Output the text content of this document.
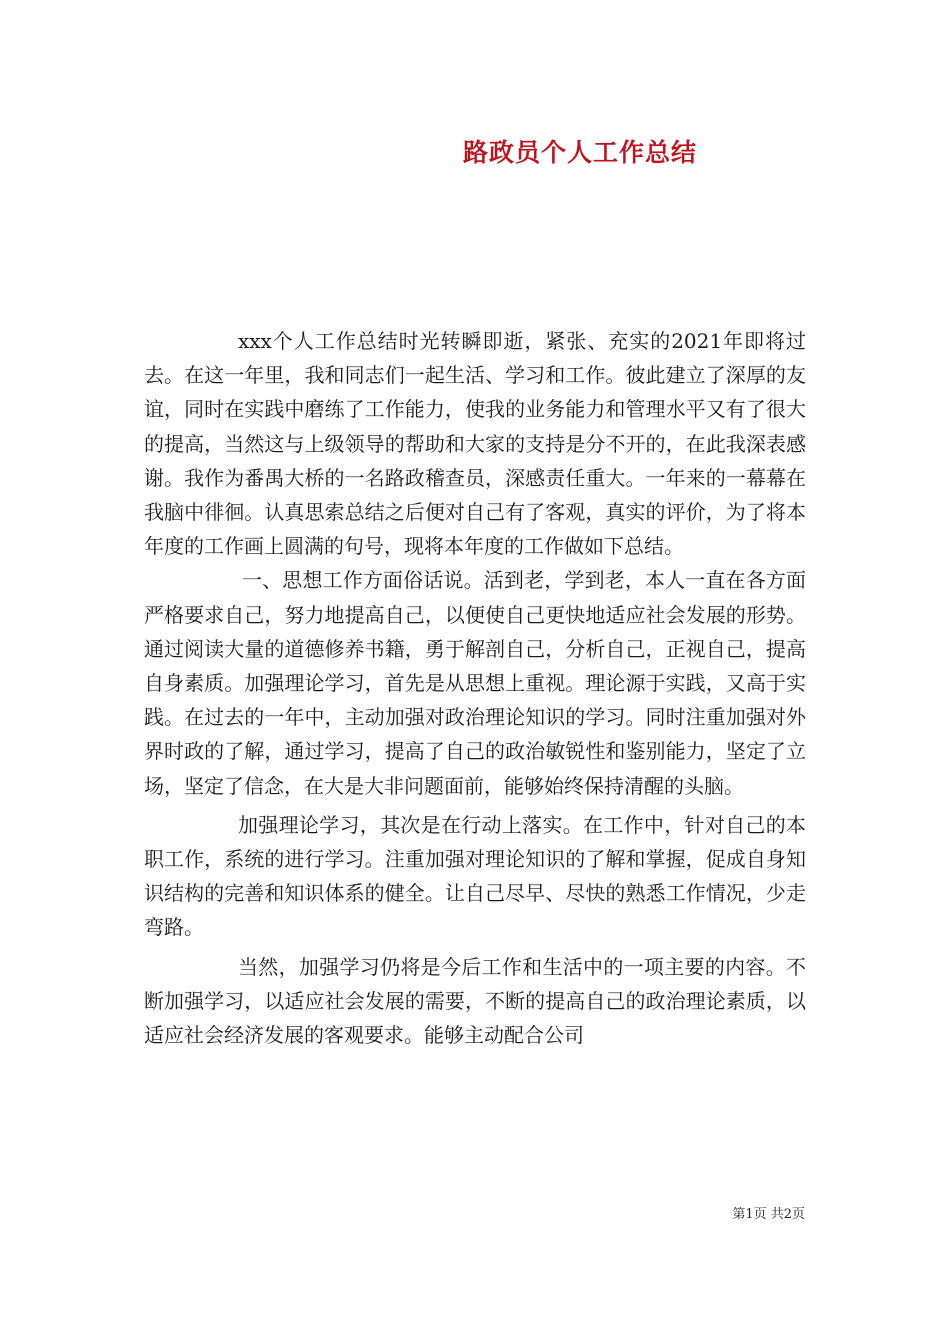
路政员个人工作总结

xxx个人工作总结时光转瞬即逝，紧张、充实的2021年即将过去。在这一年里，我和同志们一起生活、学习和工作。彼此建立了深厚的友谊，同时在实践中磨练了工作能力，使我的业务能力和管理水平又有了很大的提高，当然这与上级领导的帮助和大家的支持是分不开的，在此我深表感谢。我作为番禺大桥的一名路政稽查员，深感责任重大。一年来的一幕幕在我脑中徘徊。认真思索总结之后便对自己有了客观，真实的评价，为了将本年度的工作画上圆满的句号，现将本年度的工作做如下总结。

一、思想工作方面俗话说。活到老，学到老，本人一直在各方面严格要求自己，努力地提高自己，以便使自己更快地适应社会发展的形势。通过阅读大量的道德修养书籍，勇于解剖自己，分析自己，正视自己，提高自身素质。加强理论学习，首先是从思想上重视。理论源于实践，又高于实践。在过去的一年中，主动加强对政治理论知识的学习。同时注重加强对外界时政的了解，通过学习，提高了自己的政治敏锐性和鉴别能力，坚定了立场，坚定了信念，在大是大非问题面前，能够始终保持清醒的头脑。

加强理论学习，其次是在行动上落实。在工作中，针对自己的本职工作，系统的进行学习。注重加强对理论知识的了解和掌握，促成自身知识结构的完善和知识体系的健全。让自己尽早、尽快的熟悉工作情况，少走弯路。

当然，加强学习仍将是今后工作和生活中的一项主要的内容。不断加强学习，以适应社会发展的需要，不断的提高自己的政治理论素质，以适应社会经济发展的客观要求。能够主动配合公司

第1页 共2页
